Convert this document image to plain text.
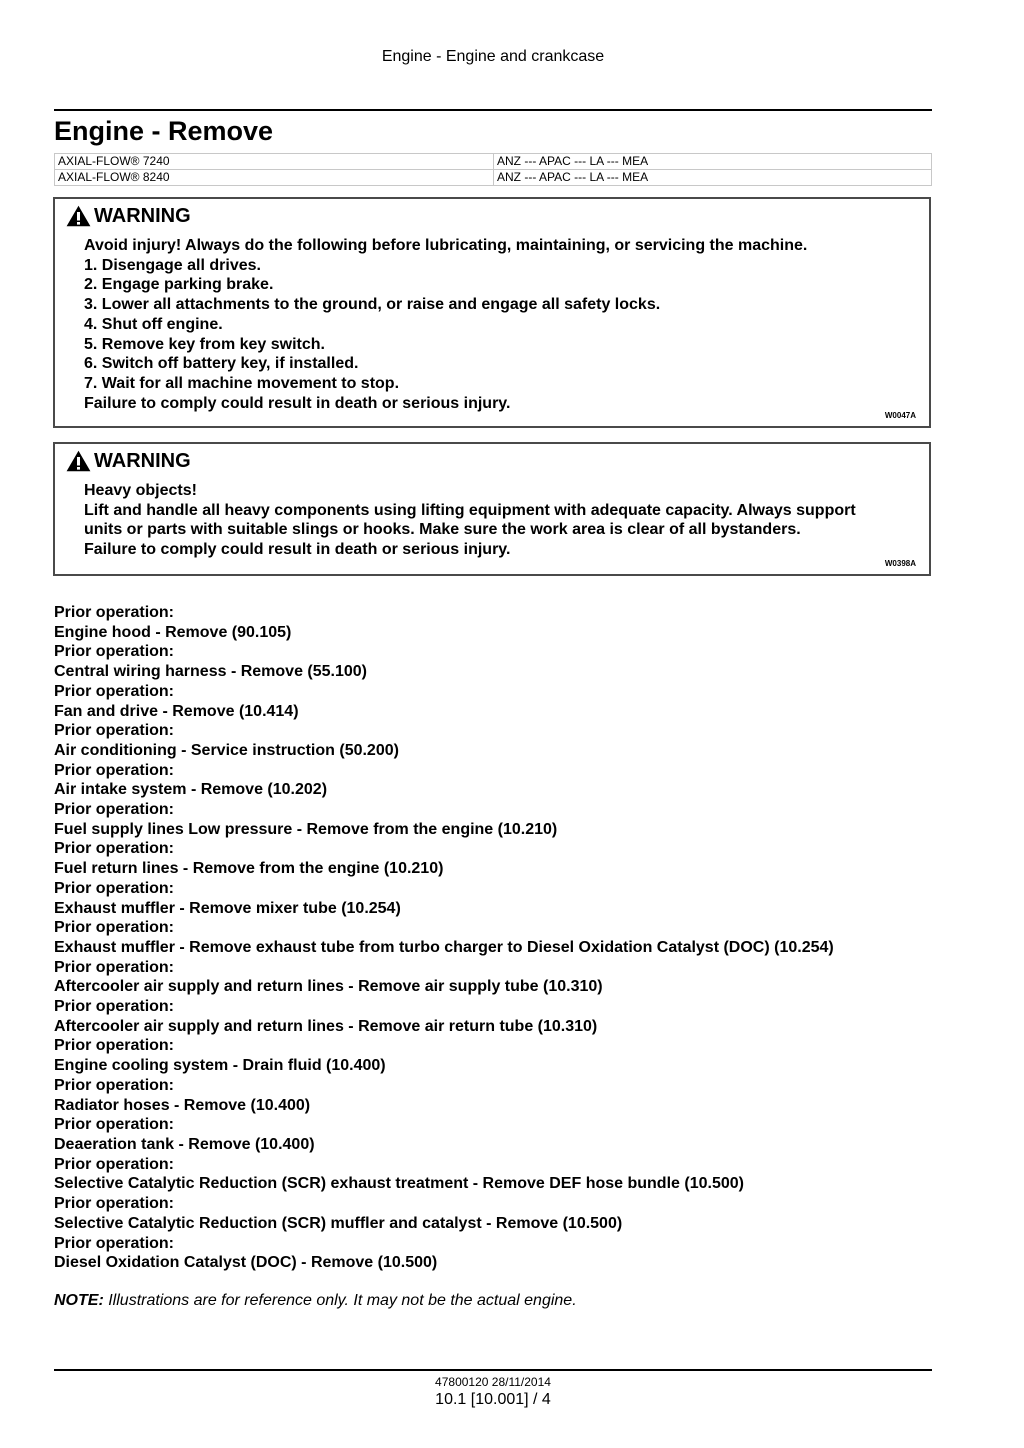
Engine - Engine and crankcase
Engine - Remove
AXIAL-FLOW® 7240	ANZ --- APAC --- LA --- MEA
AXIAL-FLOW® 8240	ANZ --- APAC --- LA --- MEA
WARNING
Avoid injury! Always do the following before lubricating, maintaining, or servicing the machine.
1. Disengage all drives.
2. Engage parking brake.
3. Lower all attachments to the ground, or raise and engage all safety locks.
4. Shut off engine.
5. Remove key from key switch.
6. Switch off battery key, if installed.
7. Wait for all machine movement to stop.
Failure to comply could result in death or serious injury.
W0047A
WARNING
Heavy objects!
Lift and handle all heavy components using lifting equipment with adequate capacity. Always support
units or parts with suitable slings or hooks. Make sure the work area is clear of all bystanders.
Failure to comply could result in death or serious injury.
W0398A
Prior operation:
Engine hood - Remove (90.105)
Prior operation:
Central wiring harness - Remove (55.100)
Prior operation:
Fan and drive - Remove (10.414)
Prior operation:
Air conditioning - Service instruction (50.200)
Prior operation:
Air intake system - Remove (10.202)
Prior operation:
Fuel supply lines Low pressure - Remove from the engine (10.210)
Prior operation:
Fuel return lines - Remove from the engine (10.210)
Prior operation:
Exhaust muffler - Remove mixer tube (10.254)
Prior operation:
Exhaust muffler - Remove exhaust tube from turbo charger to Diesel Oxidation Catalyst (DOC) (10.254)
Prior operation:
Aftercooler air supply and return lines - Remove air supply tube (10.310)
Prior operation:
Aftercooler air supply and return lines - Remove air return tube (10.310)
Prior operation:
Engine cooling system - Drain fluid (10.400)
Prior operation:
Radiator hoses - Remove (10.400)
Prior operation:
Deaeration tank - Remove (10.400)
Prior operation:
Selective Catalytic Reduction (SCR) exhaust treatment - Remove DEF hose bundle (10.500)
Prior operation:
Selective Catalytic Reduction (SCR) muffler and catalyst - Remove (10.500)
Prior operation:
Diesel Oxidation Catalyst (DOC) - Remove (10.500)
NOTE: Illustrations are for reference only. It may not be the actual engine.
47800120 28/11/2014
10.1 [10.001] / 4
